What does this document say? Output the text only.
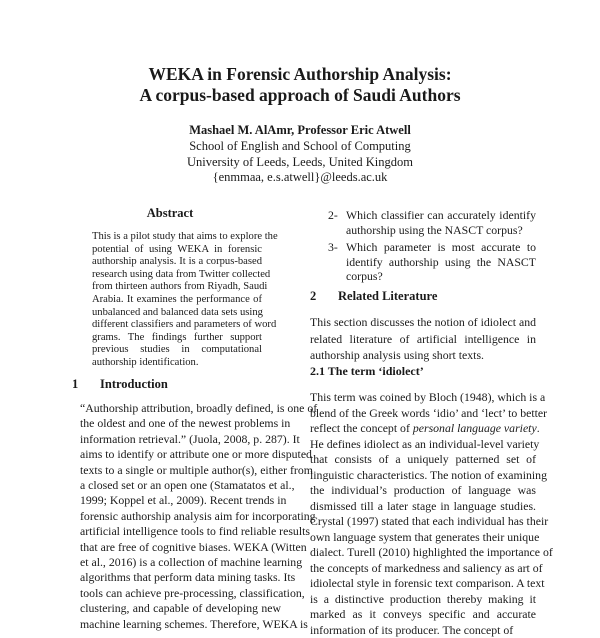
WEKA in Forensic Authorship Analysis:
A corpus-based approach of Saudi Authors
Mashael M. AlAmr, Professor Eric Atwell
School of English and School of Computing
University of Leeds, Leeds, United Kingdom
{enmmaa, e.s.atwell}@leeds.ac.uk
Abstract
This is a pilot study that aims to explore the
potential of using WEKA in forensic
authorship analysis. It is a corpus-based
research using data from Twitter collected
from thirteen authors from Riyadh, Saudi
Arabia. It examines the performance of
unbalanced and balanced data sets using
different classifiers and parameters of word
grams. The findings further support
previous studies in computational
authorship identification.
1 Introduction
“Authorship attribution, broadly defined, is one of
the oldest and one of the newest problems in
information retrieval.” (Juola, 2008, p. 287). It
aims to identify or attribute one or more disputed
texts to a single or multiple author(s), either from
a closed set or an open one (Stamatatos et al.,
1999; Koppel et al., 2009). Recent trends in
forensic authorship analysis aim for incorporating
artificial intelligence tools to find reliable results
that are free of cognitive biases. WEKA (Witten
et al., 2016) is a collection of machine learning
algorithms that perform data mining tasks. Its
tools can achieve pre-processing, classification,
clustering, and capable of developing new
machine learning schemes. Therefore, WEKA is
2- Which classifier can accurately identify
authorship using the NASCT corpus?
3- Which parameter is most accurate to
identify authorship using the NASCT
corpus?
2 Related Literature
This section discusses the notion of idiolect and
related literature of artificial intelligence in
authorship analysis using short texts.
2.1 The term ‘idiolect’
This term was coined by Bloch (1948), which is a
blend of the Greek words ‘idio’ and ‘lect’ to better
reflect the concept of personal language variety.
He defines idiolect as an individual-level variety
that consists of a uniquely patterned set of
linguistic characteristics. The notion of examining
the individual’s production of language was
dismissed till a later stage in language studies.
Crystal (1997) stated that each individual has their
own language system that generates their unique
dialect. Turell (2010) highlighted the importance of
the concepts of markedness and saliency as art of
idiolectal style in forensic text comparison. A text
is a distinctive production thereby making it
marked as it conveys specific and accurate
information of its producer. The concept of
